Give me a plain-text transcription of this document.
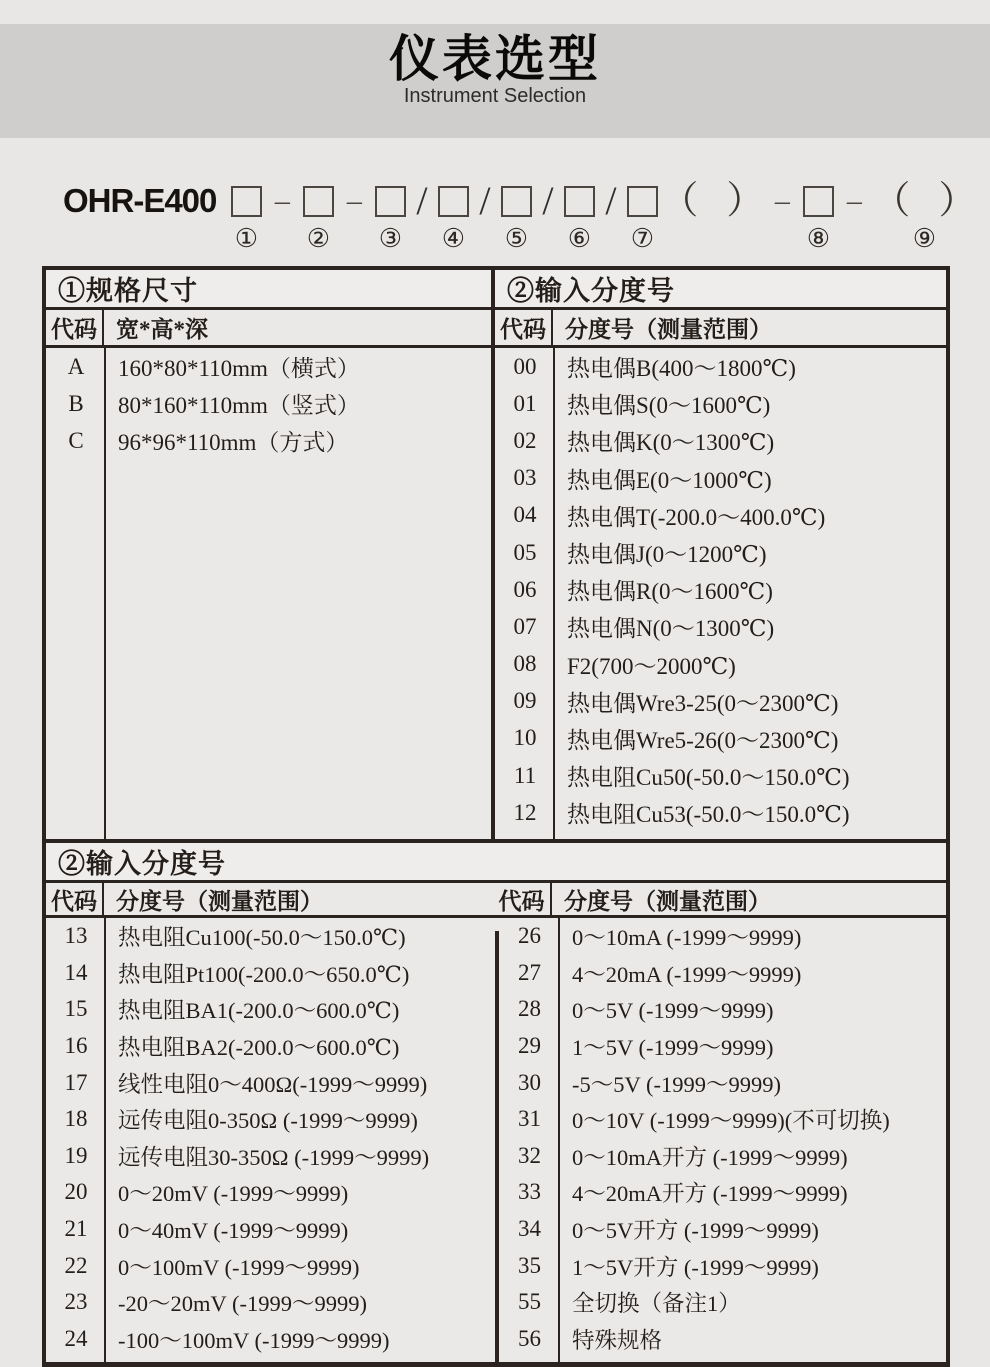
仪表选型
Instrument Selection
OHR-E400
①
–
②
–
③
/
④
/
⑤
/
⑥
/
⑦
（ ） –
⑧
– （ ）
⑨
①规格尺寸
代码 宽*高*深
A	160*80*110mm（横式）
B	80*160*110mm（竖式）
C	96*96*110mm（方式）
②输入分度号
代码 分度号（测量范围）
00	热电偶B(400～1800℃)
01	热电偶S(0～1600℃)
02	热电偶K(0～1300℃)
03	热电偶E(0～1000℃)
04	热电偶T(-200.0～400.0℃)
05	热电偶J(0～1200℃)
06	热电偶R(0～1600℃)
07	热电偶N(0～1300℃)
08	F2(700～2000℃)
09	热电偶Wre3-25(0～2300℃)
10	热电偶Wre5-26(0～2300℃)
11	热电阻Cu50(-50.0～150.0℃)
12	热电阻Cu53(-50.0～150.0℃)
②输入分度号
代码 分度号（测量范围）	代码 分度号（测量范围）
13	热电阻Cu100(-50.0～150.0℃)
14	热电阻Pt100(-200.0～650.0℃)
15	热电阻BA1(-200.0～600.0℃)
16	热电阻BA2(-200.0～600.0℃)
17	线性电阻0～400Ω(-1999～9999)
18	远传电阻0-350Ω (-1999～9999)
19	远传电阻30-350Ω (-1999～9999)
20	0～20mV (-1999～9999)
21	0～40mV (-1999～9999)
22	0～100mV (-1999～9999)
23	-20～20mV (-1999～9999)
24	-100～100mV (-1999～9999)
26	0～10mA (-1999～9999)
27	4～20mA (-1999～9999)
28	0～5V (-1999～9999)
29	1～5V (-1999～9999)
30	-5～5V (-1999～9999)
31	0～10V (-1999～9999)(不可切换)
32	0～10mA开方 (-1999～9999)
33	4～20mA开方 (-1999～9999)
34	0～5V开方 (-1999～9999)
35	1～5V开方 (-1999～9999)
55	全切换（备注1）
56	特殊规格
